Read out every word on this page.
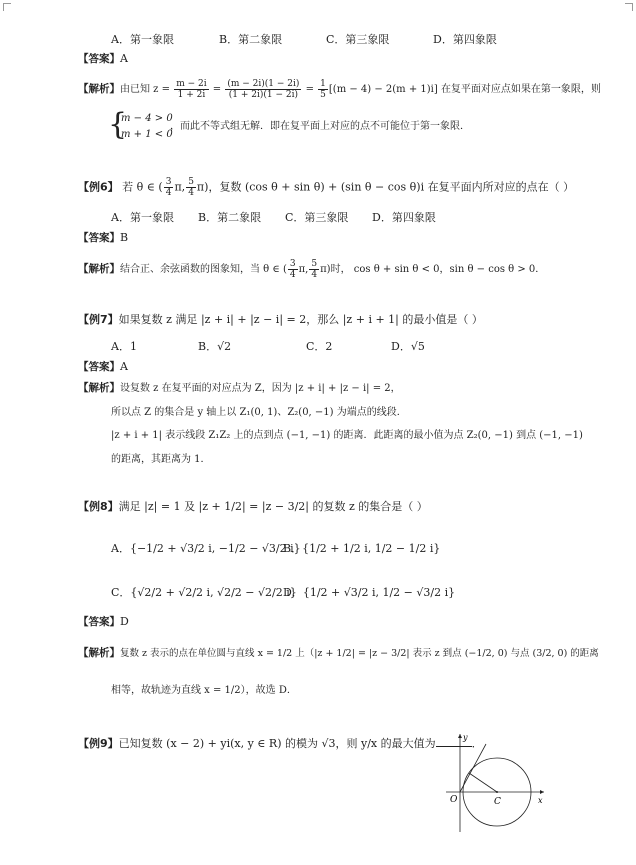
A．第一象限	B．第二象限	C．第三象限	D．第四象限
【答案】A
【解析】由已知 $z = \frac{m - 2i}{1 + 2i} = \frac{(m - 2i)(1 - 2i)}{(1 + 2i)(1 - 2i)} = \frac{1}{5} [(m - 4) - 2(m + 1)i]$ 在复平面对应点如果在第一象限，则
{
m − 4 > 0
m + 1 < 0
，而此不等式组无解．即在复平面上对应的点不可能位于第一象限．
【例6】 若 θ ∈ ( $\frac{3}{4} \pi$, $\frac{5}{4} \pi$)，复数 (cos θ + sin θ) + (sin θ − cos θ)i 在复平面内所对应的点在（ ）
A．第一象限 B．第二象限 C．第三象限 D．第四象限
【答案】B
【解析】结合正、余弦函数的图象知，当 θ ∈ ( $\frac{3}{4} \pi$, $\frac{5}{4} \pi$)时， cos θ + sin θ < 0，sin θ − cos θ > 0．
【例7】如果复数 z 满足 |z + i| + |z − i| = 2，那么 |z + i + 1| 的最小值是（ ）
A．1	B．√2	C．2	D．√5
【答案】A
【解析】设复数 z 在复平面的对应点为 Z，因为 |z + i| + |z − i| = 2，
所以点 Z 的集合是 y 轴上以 Z₁(0, 1)、Z₂(0, −1) 为端点的线段．
|z + i + 1| 表示线段 Z₁Z₂ 上的点到点 (−1, −1) 的距离．此距离的最小值为点 Z₂(0, −1) 到点 (−1, −1)
的距离，其距离为 1．
【例8】满足 |z| = 1 及 |z + 1/2| = |z − 3/2| 的复数 z 的集合是（ ）
A．{−1/2 + √3/2 i, −1/2 − √3/2 i}
B．{1/2 + 1/2 i, 1/2 − 1/2 i}
C．{√2/2 + √2/2 i, √2/2 − √2/2 i}
D．{1/2 + √3/2 i, 1/2 − √3/2 i}
【答案】D
【解析】复数 z 表示的点在单位圆与直线 x = 1/2 上（|z + 1/2| = |z − 3/2| 表示 z 到点 (−1/2, 0) 与点 (3/2, 0) 的距离
相等，故轨迹为直线 x = 1/2），故选 D．
【例9】已知复数 (x − 2) + yi(x, y ∈ R) 的模为 √3，则 y/x 的最大值为	．
y
x
O	C
